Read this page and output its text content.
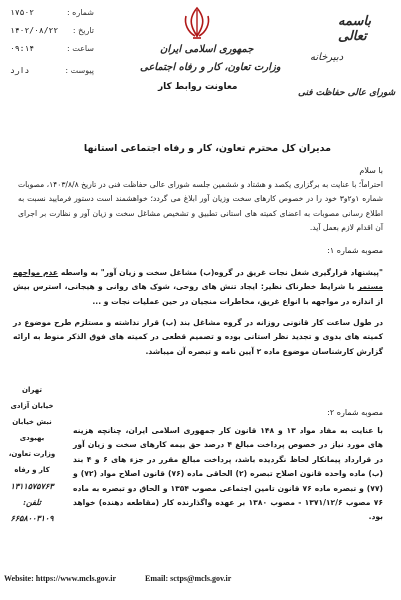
باسمه تعالی
دبیرخانه
شورای عالی حفاظت فنی
جمهوری اسلامی ایران
وزارت تعاون، کار و رفاه اجتماعی
معاونت روابط کار
شماره :
۱۷۵۰۲
تاریخ :
۱۴۰۲/۰۸/۲۲
ساعت :
۰۹:۱۴
پیوست :
دارد
مدیران کل محترم تعاون، کار و رفاه اجتماعی استانها
با سلام
احتراماً؛ با عنایت به برگزاری یکصد و هشتاد و ششمین جلسه شورای عالی حفاظت فنی در تاریخ ۱۴۰۳/۸/۸، مصوبات شماره ۱و۲و۳ خود را در خصوص کارهای سخت وزیان آور ابلاغ می گردد؛ خواهشمند است دستور فرمایید نسبت به اطلاع رسانی مصوبات به اعضای کمیته های استانی تطبیق و تشخیص مشاغل سخت و زیان آور و نظارت بر اجرای آن اقدام لازم بعمل آید.
مصوبه شماره ۱:
"پیشنهاد قرارگیری شغل نجات غریق در گروه(ب) مشاغل سخت و زیان آور" به واسطه عدم مواجهه مستمر با شرایط خطرناک نظیر: ایجاد تنش های روحی، شوک های روانی و هیجانی، استرس بیش از اندازه در مواجهه با انواع غریق، مخاطرات منجیان در حین عملیات نجات و ...
در طول ساعت کار قانونی روزانه در گروه مشاغل بند (ب) قرار نداشته و مستلزم طرح موضوع در کمیته های بدوی و تجدید نظر استانی بوده و تصمیم قطعی در کمیته های فوق الذکر منوط به ارائه گزارش کارشناسان موضوع ماده ۲ آیین نامه و تبصره آن میباشد.
مصوبه شماره ۲:
با عنایت به مفاد مواد ۱۳ و ۱۴۸ قانون کار جمهوری اسلامی ایران، چنانچه هزینه های مورد نیاز در خصوص پرداخت مبالغ ۴ درصد حق بیمه کارهای سخت و زیان آور در قرارداد پیمانکار لحاظ نگردیده باشد، پرداخت مبالغ مقرر در جزء های ۶ و ۴ بند (ب) ماده واحده قانون اصلاح تبصره (۲) الحاقی ماده (۷۶) قانون اصلاح مواد (۷۲) و (۷۷) و تبصره ماده ۷۶ قانون تامین اجتماعی مصوب ۱۳۵۴ و الحاق دو تبصره به ماده ۷۶ مصوب ۱۳۷۱/۱۲/۶ - مصوب ۱۳۸۰ بر عهده واگذارنده کار (مقاطعه دهنده) خواهد بود.
تهران
خیابان آزادی
نبش خیابان
بهبودی
وزارت تعاون،
کار و رفاه
۱۳۱۱۵۷۵۷۶۳
تلفن:
۶۶۵۸۰۰۳۱۰۹
Website: https://www.mcls.gov.ir	Email: sctps@mcls.gov.ir
